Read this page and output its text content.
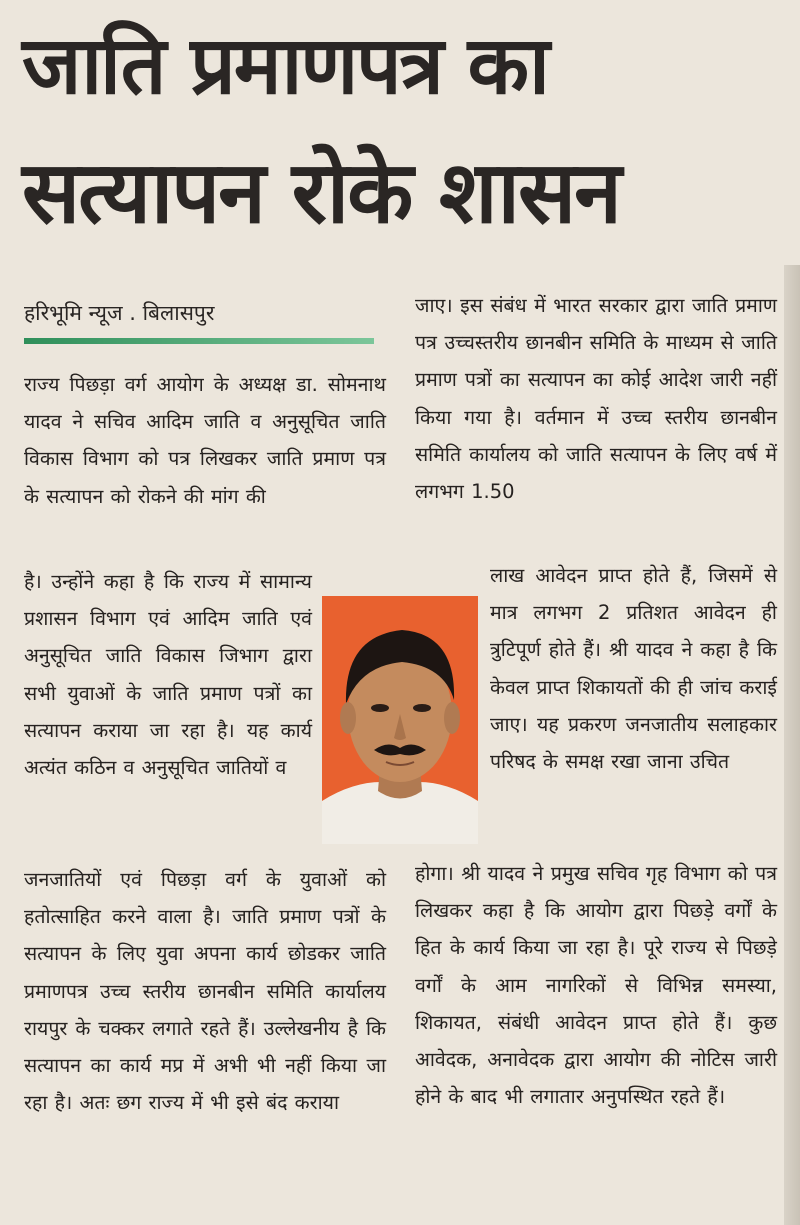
जाति प्रमाणपत्र का
सत्यापन रोके शासन
हरिभूमि न्यूज . बिलासपुर
राज्य पिछड़ा वर्ग आयोग के अध्यक्ष डा. सोमनाथ यादव ने सचिव आदिम जाति व अनुसूचित जाति विकास विभाग को पत्र लिखकर जाति प्रमाण पत्र के सत्यापन को रोकने की मांग की
है। उन्होंने कहा है कि राज्य में सामान्य प्रशासन विभाग एवं आदिम जाति एवं अनुसूचित जाति विकास जिभाग द्वारा सभी युवाओं के जाति प्रमाण पत्रों का सत्यापन कराया जा रहा है। यह कार्य अत्यंत कठिन व अनुसूचित जातियों व
जनजातियों एवं पिछड़ा वर्ग के युवाओं को हतोत्साहित करने वाला है। जाति प्रमाण पत्रों के सत्यापन के लिए युवा अपना कार्य छोडकर जाति प्रमाणपत्र उच्च स्तरीय छानबीन समिति कार्यालय रायपुर के चक्कर लगाते रहते हैं। उल्लेखनीय है कि सत्यापन का कार्य मप्र में अभी भी नहीं किया जा रहा है। अतः छग राज्य में भी इसे बंद कराया
जाए। इस संबंध में भारत सरकार द्वारा जाति प्रमाण पत्र उच्चस्तरीय छानबीन समिति के माध्यम से जाति प्रमाण पत्रों का सत्यापन का कोई आदेश जारी नहीं किया गया है। वर्तमान में उच्च स्तरीय छानबीन समिति कार्यालय को जाति सत्यापन के लिए वर्ष में लगभग 1.50
लाख आवेदन प्राप्त होते हैं, जिसमें से मात्र लगभग 2 प्रतिशत आवेदन ही त्रुटिपूर्ण होते हैं। श्री यादव ने कहा है कि केवल प्राप्त शिकायतों की ही जांच कराई जाए। यह प्रकरण जनजातीय सलाहकार परिषद के समक्ष रखा जाना उचित
होगा। श्री यादव ने प्रमुख सचिव गृह विभाग को पत्र लिखकर कहा है कि आयोग द्वारा पिछड़े वर्गों के हित के कार्य किया जा रहा है। पूरे राज्य से पिछड़े वर्गों के आम नागरिकों से विभिन्न समस्या, शिकायत, संबंधी आवेदन प्राप्त होते हैं। कुछ आवेदक, अनावेदक द्वारा आयोग की नोटिस जारी होने के बाद भी लगातार अनुपस्थित रहते हैं।
